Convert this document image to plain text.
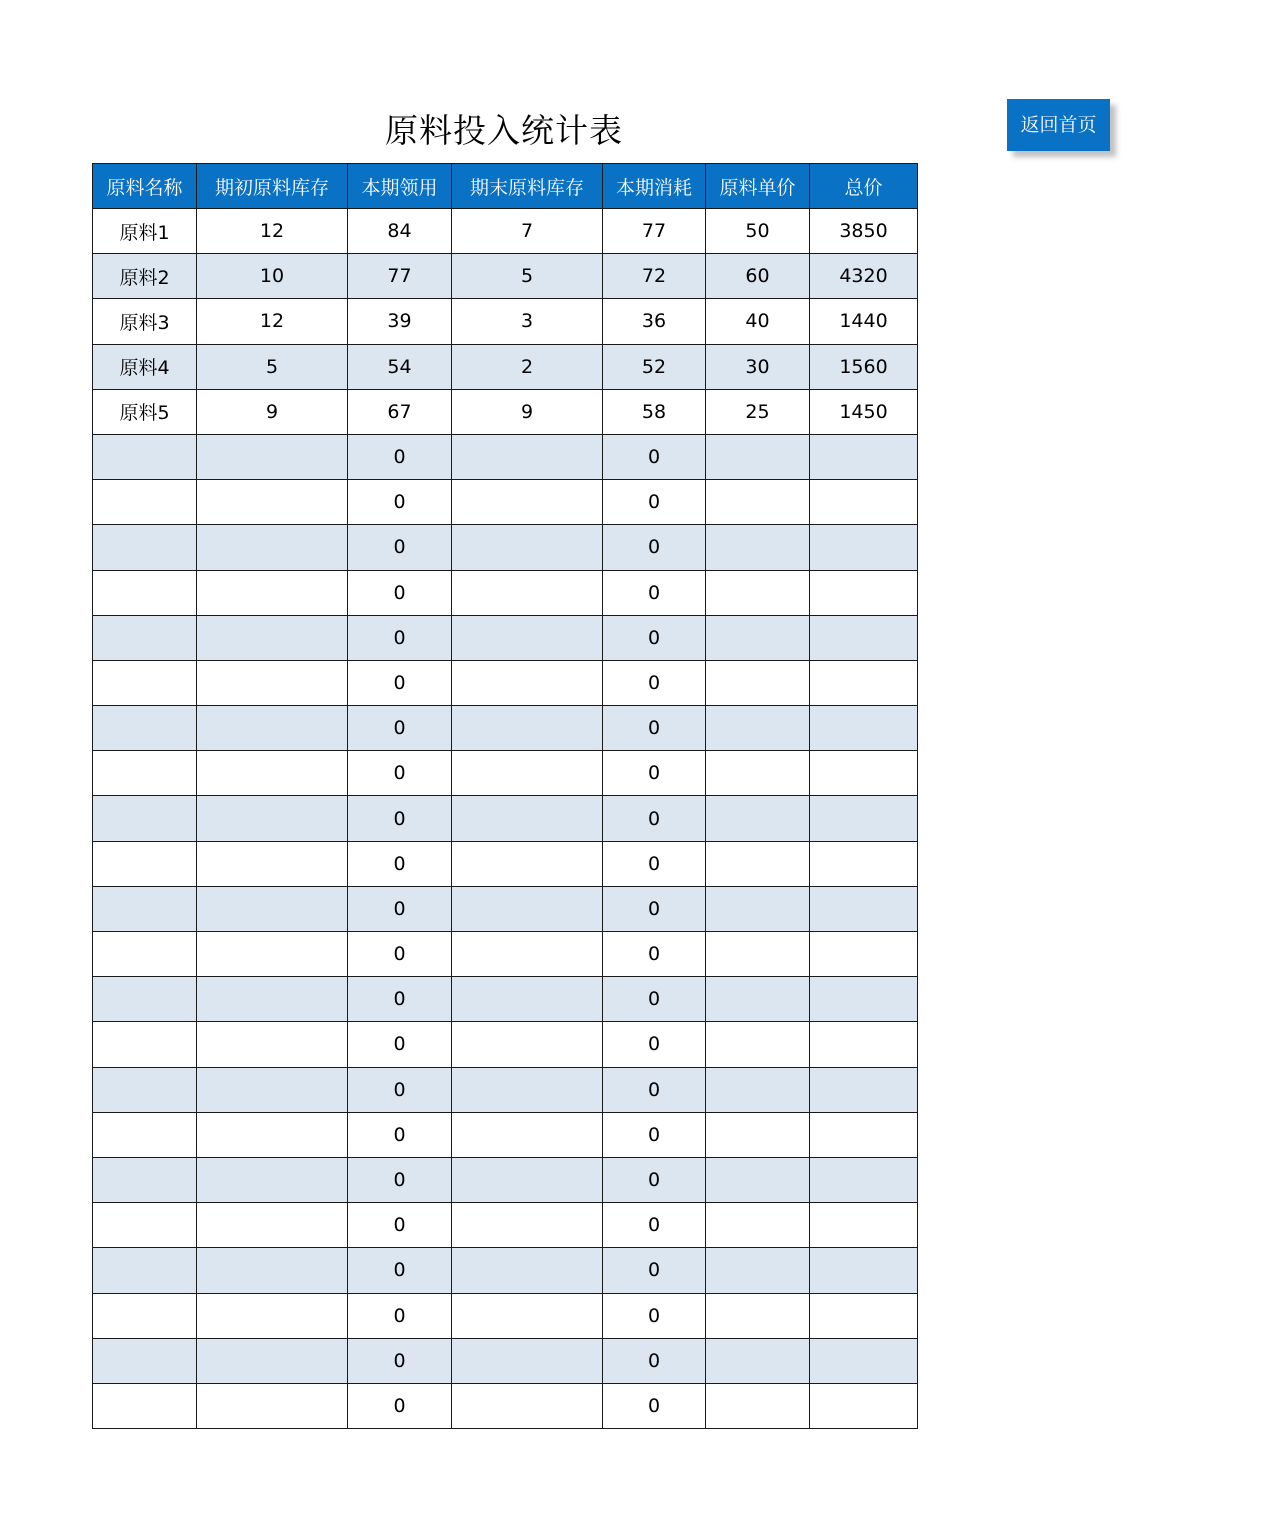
原料投入统计表	返回首页
原料名称	期初原料库存	本期领用	期末原料库存	本期消耗	原料单价	总价
原料1	12	84	7	77	50	3850
原料2	10	77	5	72	60	4320
原料3	12	39	3	36	40	1440
原料4	5	54	2	52	30	1560
原料5	9	67	9	58	25	1450
		0		0		
		0		0		
		0		0		
		0		0		
		0		0		
		0		0		
		0		0		
		0		0		
		0		0		
		0		0		
		0		0		
		0		0		
		0		0		
		0		0		
		0		0		
		0		0		
		0		0		
		0		0		
		0		0		
		0		0		
		0		0		
		0		0		
